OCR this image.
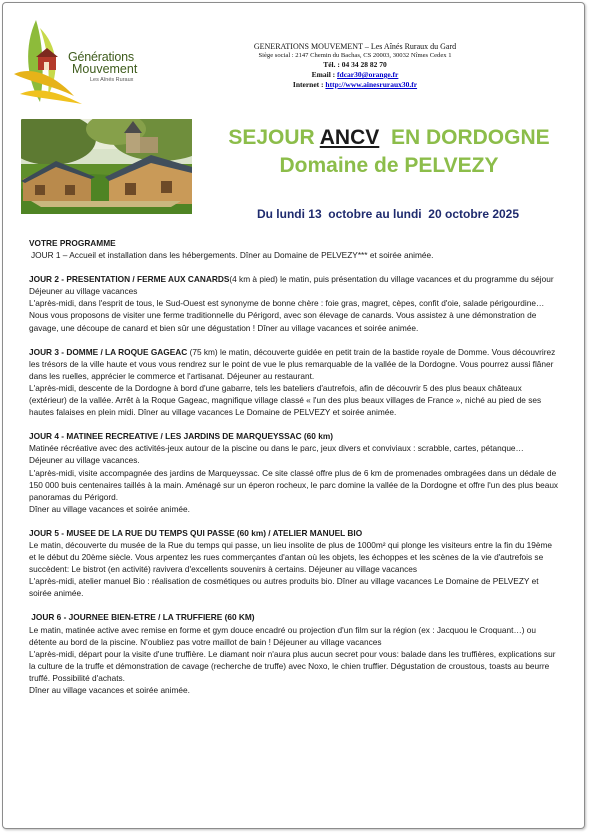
Générations
Mouvement
Les Aînés Ruraux
GENERATIONS MOUVEMENT – Les Aînés Ruraux du Gard
Siège social : 2147 Chemin du Bachas, CS 20003, 30032 Nîmes Cedex 1
Tél. : 04 34 28 82 70
Email : fdcar30@orange.fr
Internet : http://www.ainesruraux30.fr
SEJOUR ANCV  EN DORDOGNE
Domaine de PELVEZY
Du lundi 13  octobre au lundi  20 octobre 2025

VOTRE PROGRAMME

JOUR 1 – Accueil et installation dans les hébergements. Dîner au Domaine de PELVEZY*** et soirée animée.

JOUR 2 - PRESENTATION / FERME AUX CANARDS(4 km à pied) le matin, puis présentation du village vacances et du programme du séjour Déjeuner au village vacances

L'après-midi, dans l'esprit de tous, le Sud-Ouest est synonyme de bonne chère : foie gras, magret, cèpes, confit d'oie, salade périgourdine… Nous vous proposons de visiter une ferme traditionnelle du Périgord, avec son élevage de canards. Vous assistez à une démonstration de gavage, une découpe de canard et bien sûr une dégustation ! Dîner au village vacances et soirée animée.

JOUR 3 - DOMME / LA ROQUE GAGEAC (75 km) le matin, découverte guidée en petit train de la bastide royale de Domme. Vous découvrirez les trésors de la ville haute et vous vous rendrez sur le point de vue le plus remarquable de la vallée de la Dordogne. Vous pourrez aussi flâner dans les ruelles, apprécier le commerce et l'artisanat. Déjeuner au restaurant.

L'après-midi, descente de la Dordogne à bord d'une gabarre, tels les bateliers d'autrefois, afin de découvrir 5 des plus beaux châteaux (extérieur) de la vallée. Arrêt à la Roque Gageac, magnifique village classé « l'un des plus beaux villages de France », niché au pied de ses hautes falaises en plein midi. Dîner au village vacances Le Domaine de PELVEZY et soirée animée.

JOUR 4 - MATINEE RECREATIVE / LES JARDINS DE MARQUEYSSAC (60 km)

Matinée récréative avec des activités-jeux autour de la piscine ou dans le parc, jeux divers et conviviaux : scrabble, cartes, pétanque… Déjeuner au village vacances.

L'après-midi, visite accompagnée des jardins de Marqueyssac. Ce site classé offre plus de 6 km de promenades ombragées dans un dédale de 150 000 buis centenaires taillés à la main. Aménagé sur un éperon rocheux, le parc domine la vallée de la Dordogne et offre l'un des plus beaux panoramas du Périgord.

Dîner au village vacances et soirée animée.

JOUR 5 - MUSEE DE LA RUE DU TEMPS QUI PASSE (60 km) / ATELIER MANUEL BIO

Le matin, découverte du musée de la Rue du temps qui passe, un lieu insolite de plus de 1000m² qui plonge les visiteurs entre la fin du 19ème et le début du 20ème siècle. Vous arpentez les rues commerçantes d'antan où les objets, les échoppes et les scènes de la vie d'autrefois se succèdent: Le bistrot (en activité) ravivera d'excellents souvenirs à certains. Déjeuner au village vacances

L'après-midi, atelier manuel Bio : réalisation de cosmétiques ou autres produits bio. Dîner au village vacances Le Domaine de PELVEZY et soirée animée.

JOUR 6 - JOURNEE BIEN-ETRE / LA TRUFFIERE (60 KM)

Le matin, matinée active avec remise en forme et gym douce encadré ou projection d'un film sur la région (ex : Jacquou le Croquant…) ou détente au bord de la piscine. N'oubliez pas votre maillot de bain ! Déjeuner au village vacances

L'après-midi, départ pour la visite d'une truffière. Le diamant noir n'aura plus aucun secret pour vous: balade dans les truffières, explications sur la culture de la truffe et démonstration de cavage (recherche de truffe) avec Noxo, le chien truffier. Dégustation de croustous, toasts au beurre truffé. Possibilité d'achats.

Dîner au village vacances et soirée animée.
